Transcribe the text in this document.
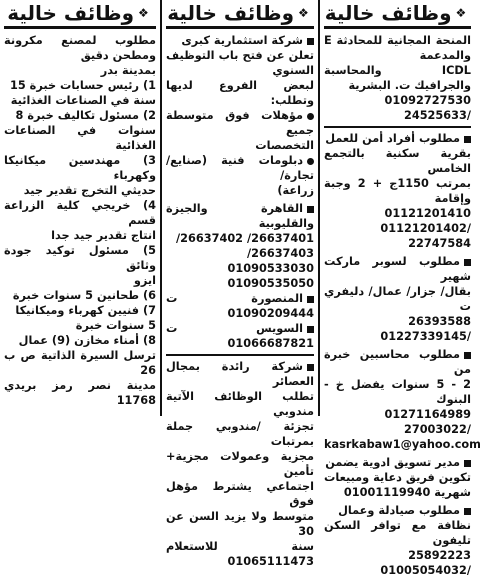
❖
وظائف خالية

مطلوب لمصنع مكرونة ومطحن دقيق

بمدينة بدر

1) رئيس حسابات خبرة 15

سنة في الصناعات الغذائية

2) مسئول تكاليف خبرة 8

سنوات في الصناعات الغذائية

3) مهندسين ميكانيكا وكهرباء

حديثي التخرج تقدير جيد

4) خريجي كلية الزراعة قسم

انتاج تقدير جيد جدا

5) مسئول توكيد جودة وثائق

ايزو

6) طحانين 5 سنوات خبرة

7) فنيين كهرباء وميكانيكا

5 سنوات خبرة

8) أمناء مخازن (9) عمال

ترسل السيرة الذاتية ص ب 26

مدينة نصر رمز بريدي 11768

❖
وظائف خالية

شركة استثمارية كبرى

تعلن عن فتح باب التوظيف السنوي

لبعض الفروع لديها وتطلب:

مؤهلات فوق متوسطة جميع

التخصصات

دبلومات فنية (صنايع/ تجارة/

زراعة)

القاهرة والجيزة والقليوبية

26637401/ 26637402/

26637403/ 01090533030

01090535050

المنصورة ت 01090209444

السويس ت 01066687821

شركة رائدة بمجال العصائر

تطلب الوظائف الآتية مندوبي

تجزئة /مندوبي جملة بمرتبات

مجزية وعمولات مجزية+ تأمين

اجتماعي يشترط مؤهل فوق

متوسط ولا يزيد السن عن 30

سنة للاستعلام 01065111473

❖
وظائف خالية

المنحة المجانية للمحادثة E والمدعمة

ICDL والمحاسبة والجرافيك ت. البشرية

01092727530 /24525633

مطلوب أفراد أمن للعمل

بقرية سكنية بالتجمع الخامس

بمرتب 1150ج + 2 وجبة وإقامة

01121201410 /01121201402

22747584

مطلوب لسوبر ماركت شهير

بقال/ جزار/ عمال/ دليفري ت

26393588 /01227339145

مطلوب محاسبين خبرة من

2 - 5 سنوات يفضل خ - البنوك

01271164989 /27003022

kasrkabaw1@yahoo.com

مدير تسويق ادوية يضمن

تكوين فريق دعاية ومبيعات

شهرية 01001119940

مطلوب صيادلة وعمال

نظافة مع توافر السكن تليفون

25892223 /01005054032
